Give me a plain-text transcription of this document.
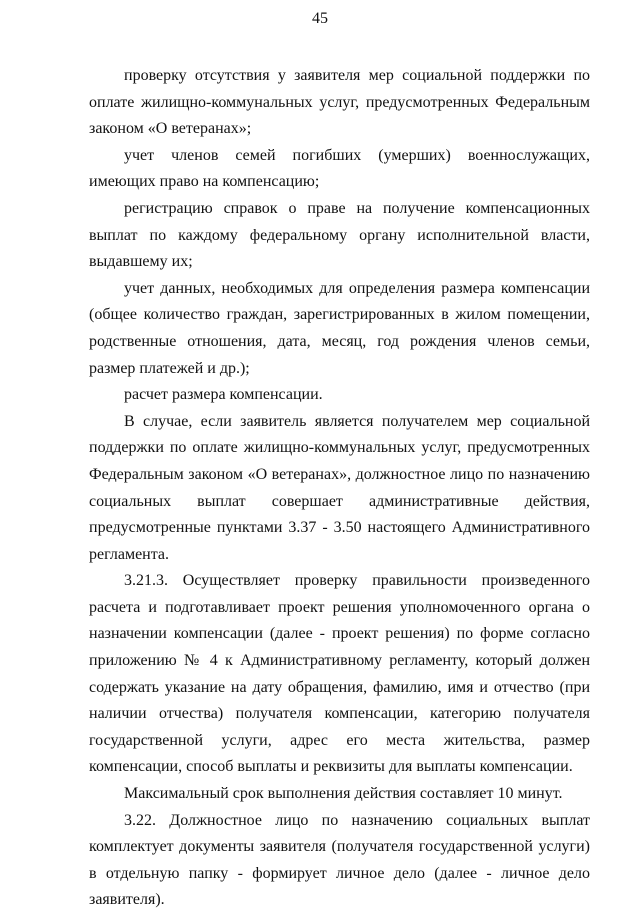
45

проверку отсутствия у заявителя мер социальной поддержки по оплате жилищно-коммунальных услуг, предусмотренных Федеральным законом «О ветеранах»;

учет членов семей погибших (умерших) военнослужащих, имеющих право на компенсацию;

регистрацию справок о праве на получение компенсационных выплат по каждому федеральному органу исполнительной власти, выдавшему их;

учет данных, необходимых для определения размера компенсации (общее количество граждан, зарегистрированных в жилом помещении, родственные отношения, дата, месяц, год рождения членов семьи, размер платежей и др.);

расчет размера компенсации.

В случае, если заявитель является получателем мер социальной поддержки по оплате жилищно-коммунальных услуг, предусмотренных Федеральным законом «О ветеранах», должностное лицо по назначению социальных выплат совершает административные действия, предусмотренные пунктами 3.37 - 3.50 настоящего Административного регламента.

3.21.3. Осуществляет проверку правильности произведенного расчета и подготавливает проект решения уполномоченного органа о назначении компенсации (далее - проект решения) по форме согласно приложению № 4 к Административному регламенту, который должен содержать указание на дату обращения, фамилию, имя и отчество (при наличии отчества) получателя компенсации, категорию получателя государственной услуги, адрес его места жительства, размер компенсации, способ выплаты и реквизиты для выплаты компенсации.

Максимальный срок выполнения действия составляет 10 минут.

3.22. Должностное лицо по назначению социальных выплат комплектует документы заявителя (получателя государственной услуги) в отдельную папку - формирует личное дело (далее - личное дело заявителя).
